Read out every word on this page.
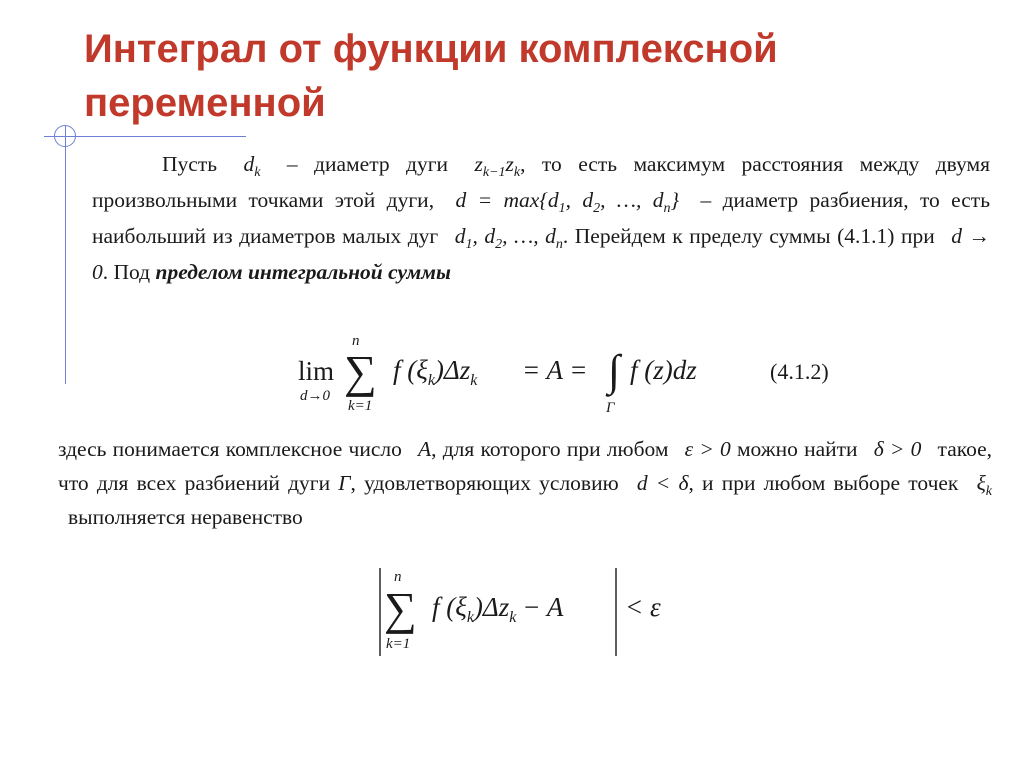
Интеграл от функции комплексной переменной

Пусть $d_k$ – диаметр дуги $z_{k-1}z_k$, то есть максимум расстояния между двумя произвольными точками этой дуги, $d = \max\{d_1$, $d_2$, …, $d_n$} – диаметр разбиения, то есть наибольший из диаметров малых дуг $d_1$, $d_2$, …, $d_n$. Перейдем к пределу суммы (4.1.1) при d → 0. Под пределом интегральной суммы

lim
d→0
n
∑
k=1
f $(\xi_k)\Delta z_k = A$ = ∫
Γ
f (z)dz	(4.1.2)

здесь понимается комплексное число A, для которого при любом ε > 0 можно найти δ > 0 такое, что для всех разбиений дуги Γ, удовлетворяющих условию d < δ, и при любом выборе точек $\xi_k$ выполняется неравенство

n
∑
k=1
f $(\xi_k)\Delta z_k - A < \varepsilon$
